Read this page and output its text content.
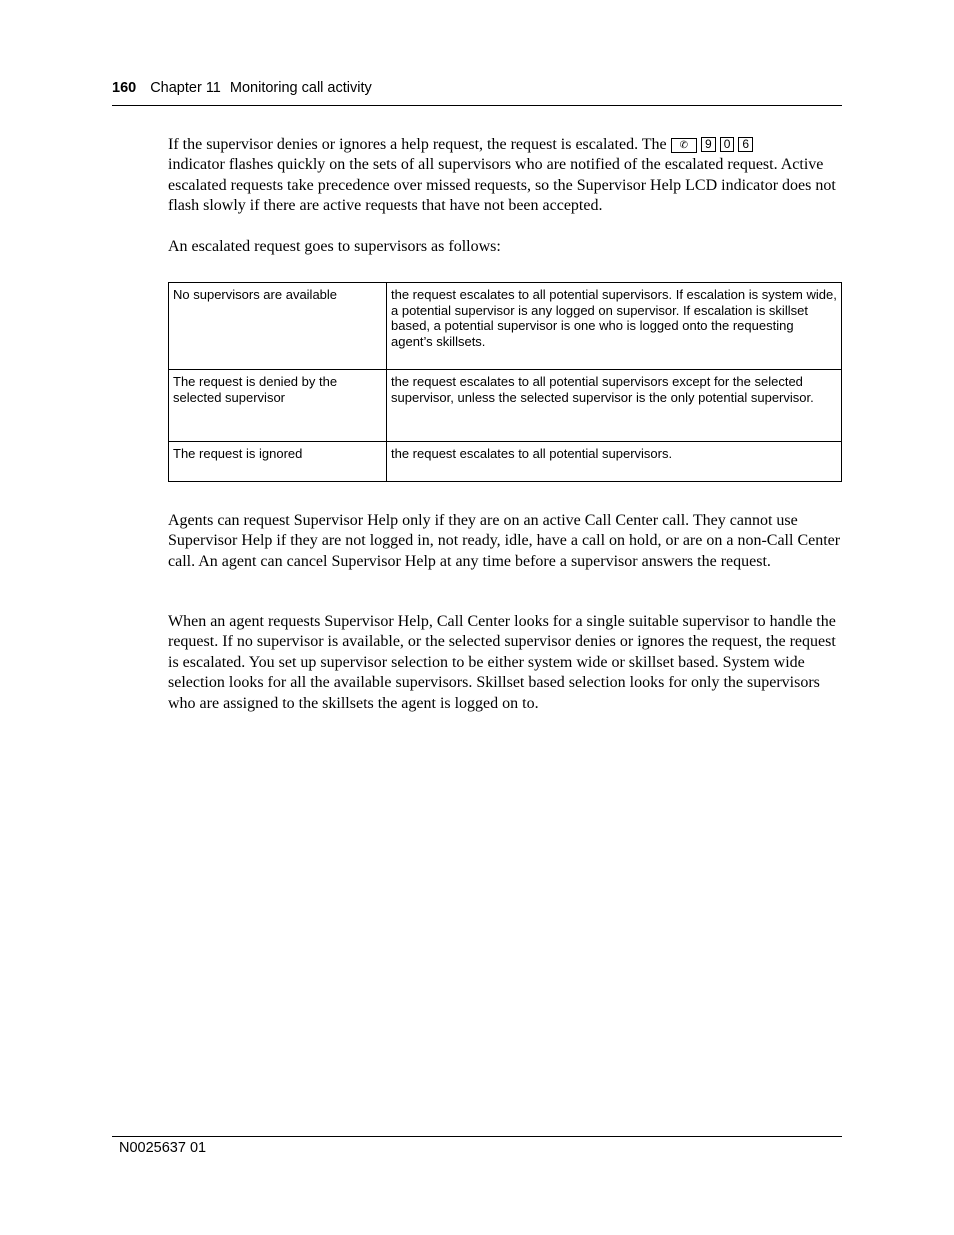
160 Chapter 11 Monitoring call activity

If the supervisor denies or ignores a help request, the request is escalated. The ✆ 9 0 6
indicator flashes quickly on the sets of all supervisors who are notified of the escalated request. Active escalated requests take precedence over missed requests, so the Supervisor Help LCD indicator does not flash slowly if there are active requests that have not been accepted.

An escalated request goes to supervisors as follows:

No supervisors are available	the request escalates to all potential supervisors. If escalation is system wide, a potential supervisor is any logged on supervisor. If escalation is skillset based, a potential supervisor is one who is logged onto the requesting agent’s skillsets.
The request is denied by the selected supervisor	the request escalates to all potential supervisors except for the selected supervisor, unless the selected supervisor is the only potential supervisor.
The request is ignored	the request escalates to all potential supervisors.

Agents can request Supervisor Help only if they are on an active Call Center call. They cannot use Supervisor Help if they are not logged in, not ready, idle, have a call on hold, or are on a non-Call Center call. An agent can cancel Supervisor Help at any time before a supervisor answers the request.

When an agent requests Supervisor Help, Call Center looks for a single suitable supervisor to handle the request. If no supervisor is available, or the selected supervisor denies or ignores the request, the request is escalated. You set up supervisor selection to be either system wide or skillset based. System wide selection looks for all the available supervisors. Skillset based selection looks for only the supervisors who are assigned to the skillsets the agent is logged on to.

N0025637 01
